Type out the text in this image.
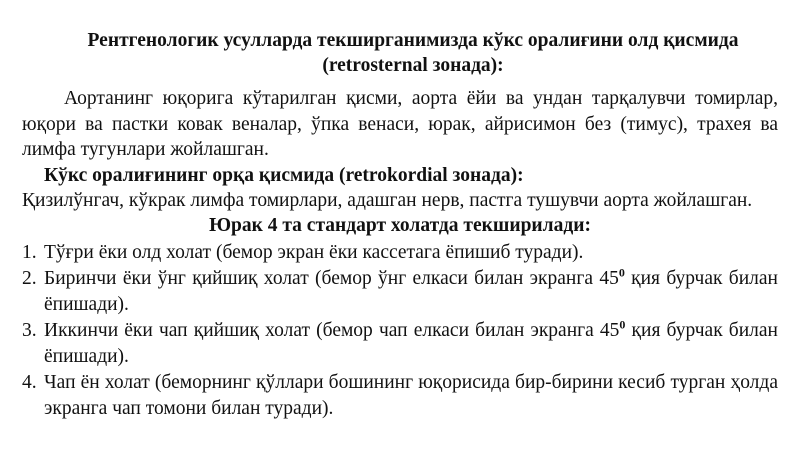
Рентгенологик усулларда текширганимизда кўкс оралиғини олд қисмида
(retrosternal зонада):

Аортанинг юқорига кўтарилган қисми, аорта ёйи ва ундан тарқалувчи томирлар, юқори ва пастки ковак веналар, ўпка венаси, юрак, айрисимон без (тимус), трахея ва лимфа тугунлари жойлашган.

Кўкс оралиғининг орқа қисмида (retrokordial зонада):

Қизилўнгач, кўкрак лимфа томирлари, адашган нерв, пастга тушувчи аорта жойлашган.

Юрак 4 та стандарт холатда текширилади:

1. Тўғри ёки олд холат (бемор экран ёки кассетага ёпишиб туради).
2. Биринчи ёки ўнг қийшиқ холат (бемор ўнг елкаси билан экранга $45^0$ қия бурчак билан ёпишади).
3. Иккинчи ёки чап қийшиқ холат (бемор чап елкаси билан экранга $45^0$ қия бурчак билан ёпишади).
4. Чап ён холат (беморнинг қўллари бошининг юқорисида бир-бирини кесиб турган ҳолда экранга чап томони билан туради).
